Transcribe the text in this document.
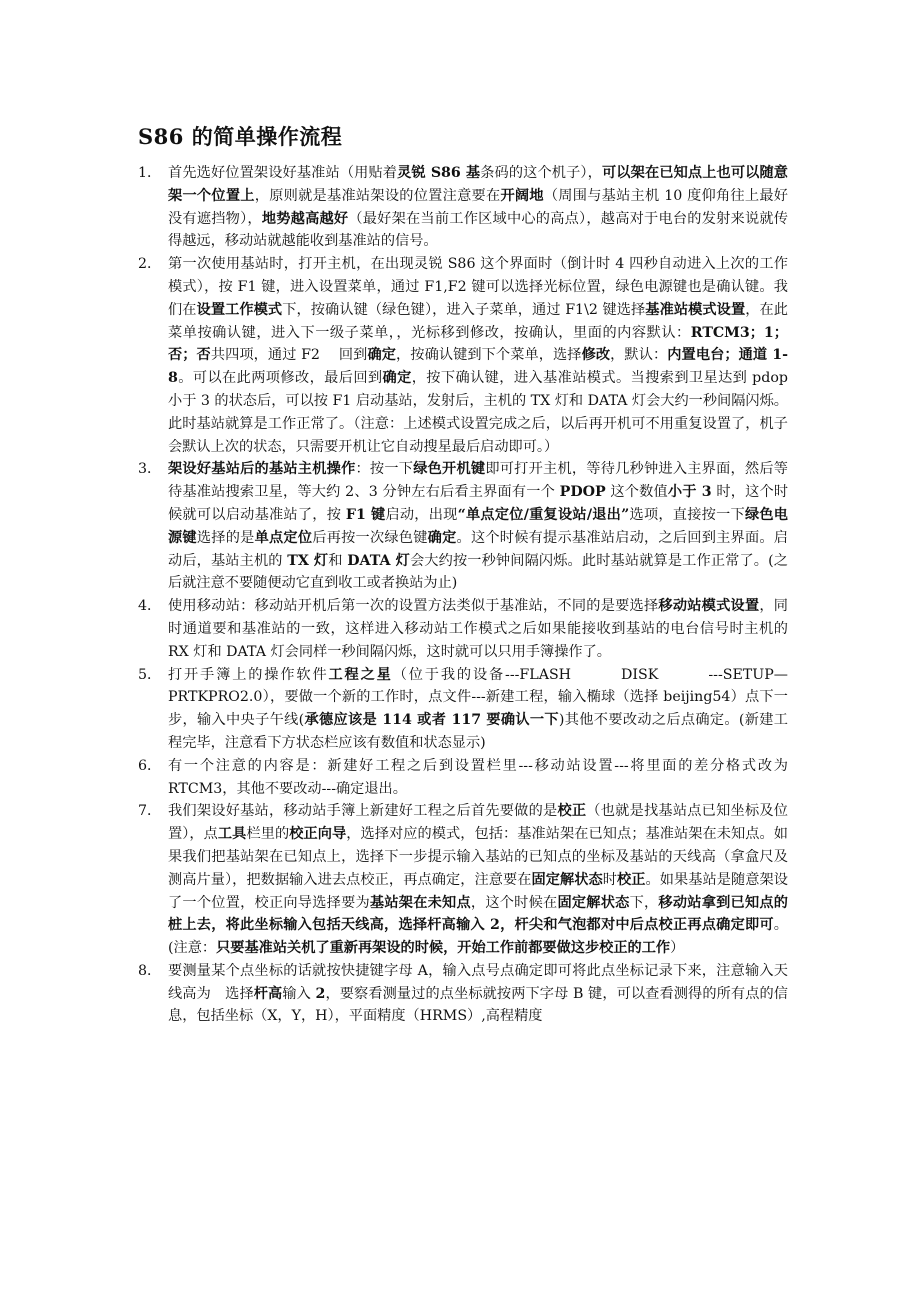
S86 的简单操作流程
1． 首先选好位置架设好基准站（用贴着灵锐 S86 基条码的这个机子），可以架在已知点上也可以随意架一个位置上，原则就是基准站架设的位置注意要在开阔地（周围与基站主机 10 度仰角往上最好没有遮挡物），地势越高越好（最好架在当前工作区域中心的高点），越高对于电台的发射来说就传得越远，移动站就越能收到基准站的信号。
2． 第一次使用基站时，打开主机，在出现灵锐 S86 这个界面时（倒计时 4 四秒自动进入上次的工作模式），按 F1 键，进入设置菜单，通过 F1,F2 键可以选择光标位置，绿色电源键也是确认键。我们在设置工作模式下，按确认键（绿色键），进入子菜单，通过 F1\2 键选择基准站模式设置，在此菜单按确认键，进入下一级子菜单，，光标移到修改，按确认，里面的内容默认：RTCM3；1；否；否共四项，通过 F2　 回到确定，按确认键到下个菜单，选择修改，默认：内置电台；通道 1-8。可以在此两项修改，最后回到确定，按下确认键，进入基准站模式。当搜索到卫星达到 pdop 小于 3 的状态后，可以按 F1 启动基站，发射后，主机的 TX 灯和 DATA 灯会大约一秒间隔闪烁。此时基站就算是工作正常了。（注意：上述模式设置完成之后，以后再开机可不用重复设置了，机子会默认上次的状态，只需要开机让它自动搜星最后启动即可。）
3． 架设好基站后的基站主机操作：按一下绿色开机键即可打开主机，等待几秒钟进入主界面，然后等待基准站搜索卫星，等大约 2、3 分钟左右后看主界面有一个 PDOP 这个数值小于 3 时，这个时候就可以启动基准站了，按 F1 键启动，出现“单点定位/重复设站/退出”选项，直接按一下绿色电源键选择的是单点定位后再按一次绿色键确定。这个时候有提示基准站启动，之后回到主界面。启动后，基站主机的 TX 灯和 DATA 灯会大约按一秒钟间隔闪烁。此时基站就算是工作正常了。(之后就注意不要随便动它直到收工或者换站为止)
4． 使用移动站：移动站开机后第一次的设置方法类似于基准站，不同的是要选择移动站模式设置，同时通道要和基准站的一致，这样进入移动站工作模式之后如果能接收到基站的电台信号时主机的 RX 灯和 DATA 灯会同样一秒间隔闪烁，这时就可以只用手簿操作了。
5． 打开手簿上的操作软件工程之星（位于我的设备---FLASH　　　DISK　　　---SETUP—PRTKPRO2.0），要做一个新的工作时，点文件---新建工程，输入椭球（选择 beijing54）点下一步，输入中央子午线(承德应该是 114 或者 117 要确认一下)其他不要改动之后点确定。(新建工程完毕，注意看下方状态栏应该有数值和状态显示)
6． 有一个注意的内容是：新建好工程之后到设置栏里---移动站设置---将里面的差分格式改为 RTCM3，其他不要改动---确定退出。
7． 我们架设好基站，移动站手簿上新建好工程之后首先要做的是校正（也就是找基站点已知坐标及位置），点工具栏里的校正向导，选择对应的模式，包括：基准站架在已知点；基准站架在未知点。如果我们把基站架在已知点上，选择下一步提示输入基站的已知点的坐标及基站的天线高（拿盒尺及测高片量），把数据输入进去点校正，再点确定，注意要在固定解状态时校正。如果基站是随意架设了一个位置，校正向导选择要为基站架在未知点，这个时候在固定解状态下，移动站拿到已知点的桩上去，将此坐标输入包括天线高，选择杆高输入 2，杆尖和气泡都对中后点校正再点确定即可。(注意：只要基准站关机了重新再架设的时候，开始工作前都要做这步校正的工作）
8． 要测量某个点坐标的话就按快捷键字母 A，输入点号点确定即可将此点坐标记录下来，注意输入天线高为　选择杆高输入 2，要察看测量过的点坐标就按两下字母 B 键，可以查看测得的所有点的信息，包括坐标（X，Y，H），平面精度（HRMS）,高程精度
